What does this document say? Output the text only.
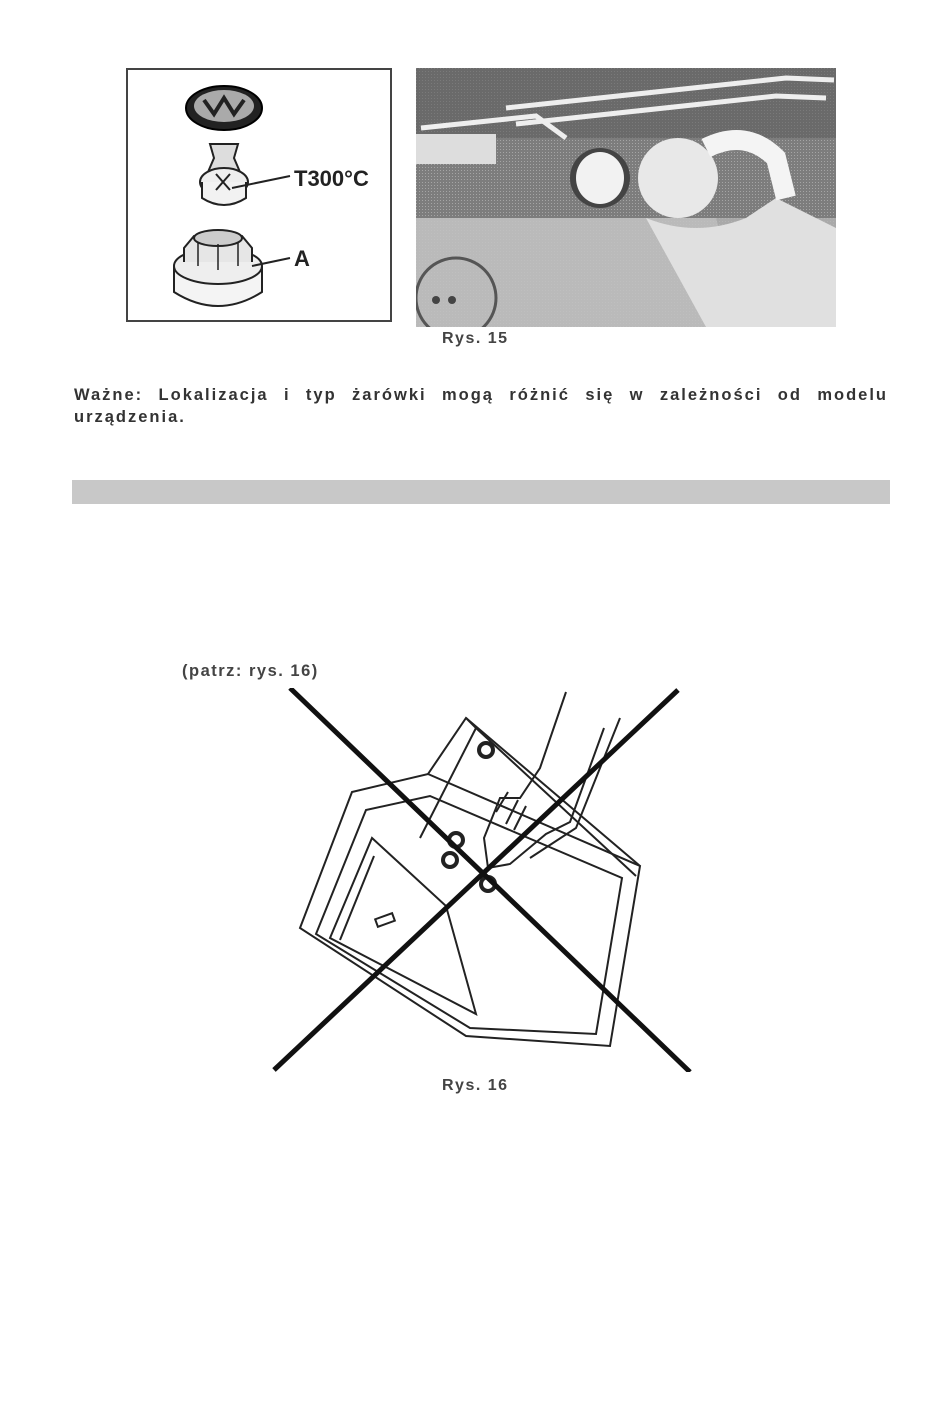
T300°C
A
Rys. 15
Ważne: Lokalizacja i typ żarówki mogą różnić się w zależności od modelu urządzenia.
(patrz: rys. 16)
Rys. 16
